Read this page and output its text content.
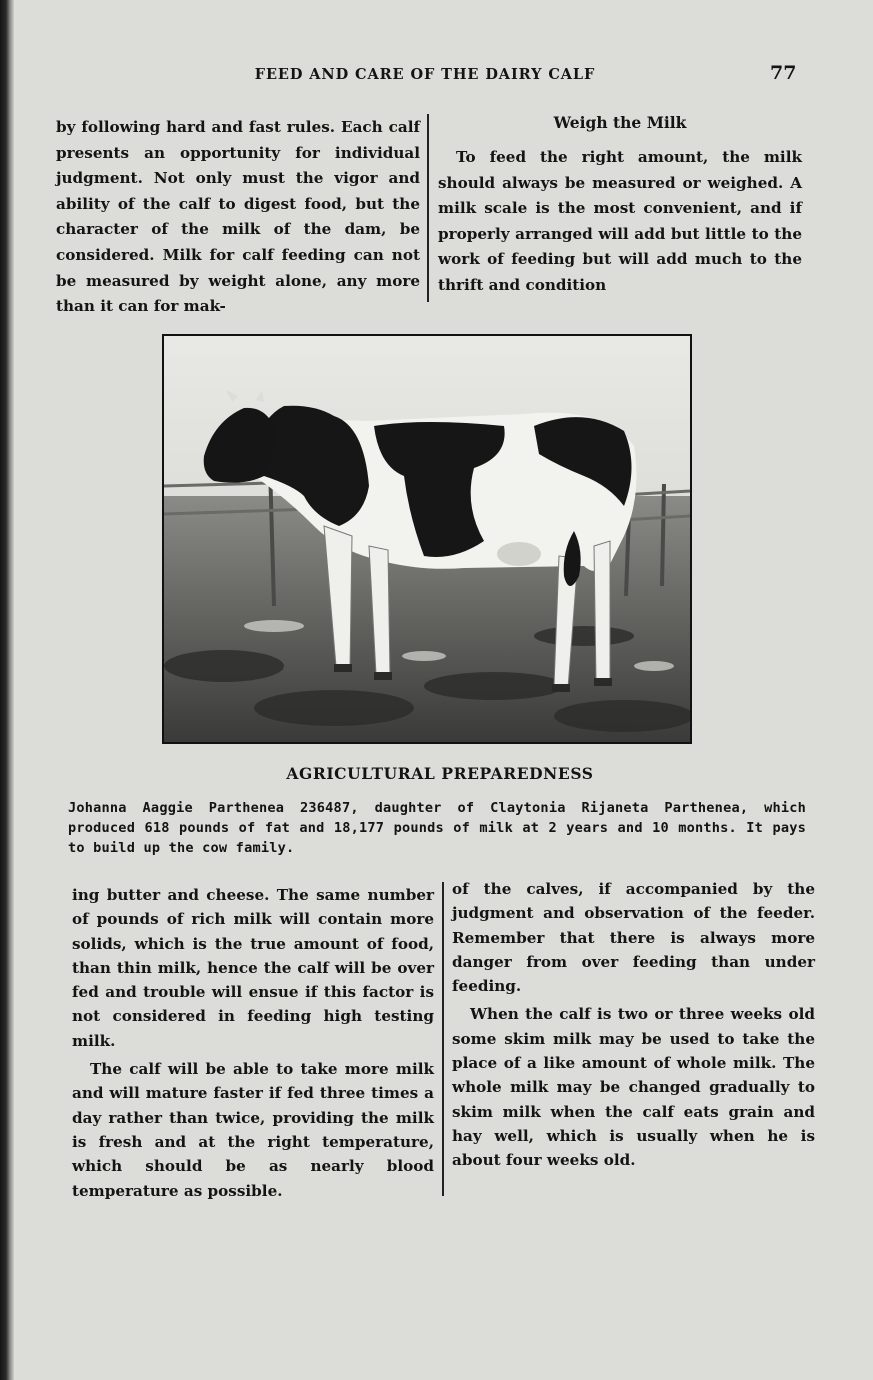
FEED AND CARE OF THE DAIRY CALF	77

by following hard and fast rules. Each calf presents an opportunity for individual judgment. Not only must the vigor and ability of the calf to digest food, but the character of the milk of the dam, be considered. Milk for calf feeding can not be measured by weight alone, any more than it can for mak-

Weigh the Milk

To feed the right amount, the milk should always be measured or weighed. A milk scale is the most convenient, and if properly arranged will add but little to the work of feeding but will add much to the thrift and condition

AGRICULTURAL PREPAREDNESS

Johanna Aaggie Parthenea 236487, daughter of Claytonia Rijaneta Parthenea, which produced 618 pounds of fat and 18,177 pounds of milk at 2 years and 10 months. It pays to build up the cow family.

ing butter and cheese. The same number of pounds of rich milk will contain more solids, which is the true amount of food, than thin milk, hence the calf will be over fed and trouble will ensue if this factor is not considered in feeding high testing milk.

The calf will be able to take more milk and will mature faster if fed three times a day rather than twice, providing the milk is fresh and at the right temperature, which should be as nearly blood temperature as possible.

of the calves, if accompanied by the judgment and observation of the feeder. Remember that there is always more danger from over feeding than under feeding.

When the calf is two or three weeks old some skim milk may be used to take the place of a like amount of whole milk. The whole milk may be changed gradually to skim milk when the calf eats grain and hay well, which is usually when he is about four weeks old.
